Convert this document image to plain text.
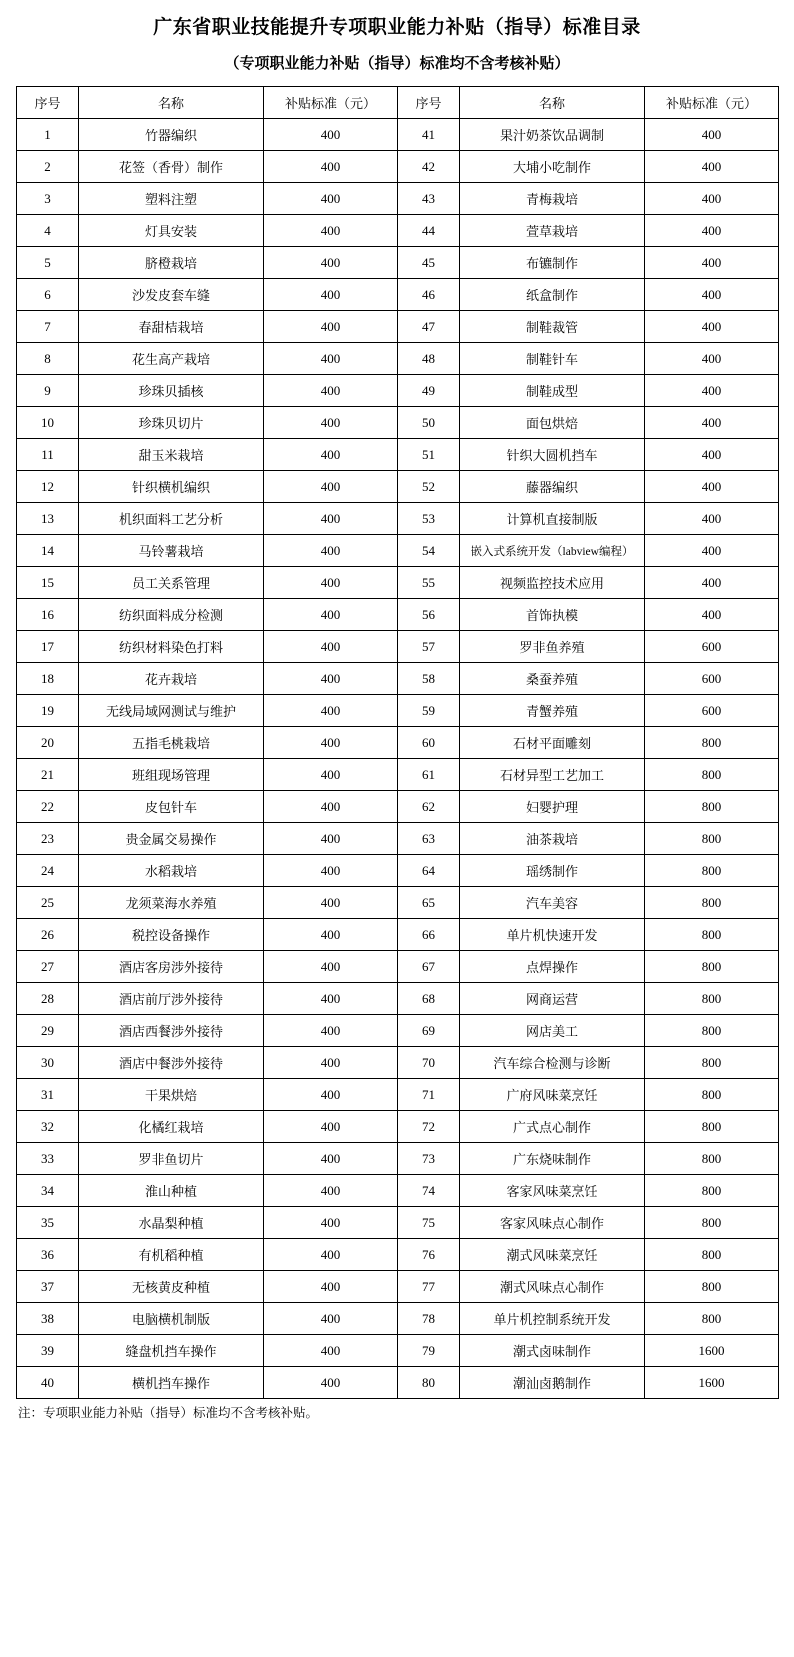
广东省职业技能提升专项职业能力补贴（指导）标准目录
（专项职业能力补贴（指导）标准均不含考核补贴）
序号	名称	补贴标准（元）	序号	名称	补贴标准（元）
1	竹器编织	400	41	果汁奶茶饮品调制	400
2	花签（香骨）制作	400	42	大埔小吃制作	400
3	塑料注塑	400	43	青梅栽培	400
4	灯具安装	400	44	萱草栽培	400
5	脐橙栽培	400	45	布镳制作	400
6	沙发皮套车缝	400	46	纸盒制作	400
7	春甜桔栽培	400	47	制鞋裁管	400
8	花生高产栽培	400	48	制鞋针车	400
9	珍珠贝插核	400	49	制鞋成型	400
10	珍珠贝切片	400	50	面包烘焙	400
11	甜玉米栽培	400	51	针织大圆机挡车	400
12	针织横机编织	400	52	藤器编织	400
13	机织面料工艺分析	400	53	计算机直接制版	400
14	马铃薯栽培	400	54	嵌入式系统开发（labview编程）	400
15	员工关系管理	400	55	视频监控技术应用	400
16	纺织面料成分检测	400	56	首饰执模	400
17	纺织材料染色打料	400	57	罗非鱼养殖	600
18	花卉栽培	400	58	桑蚕养殖	600
19	无线局域网测试与维护	400	59	青蟹养殖	600
20	五指毛桃栽培	400	60	石材平面雕刻	800
21	班组现场管理	400	61	石材异型工艺加工	800
22	皮包针车	400	62	妇婴护理	800
23	贵金属交易操作	400	63	油茶栽培	800
24	水稻栽培	400	64	瑶绣制作	800
25	龙须菜海水养殖	400	65	汽车美容	800
26	税控设备操作	400	66	单片机快速开发	800
27	酒店客房涉外接待	400	67	点焊操作	800
28	酒店前厅涉外接待	400	68	网商运营	800
29	酒店西餐涉外接待	400	69	网店美工	800
30	酒店中餐涉外接待	400	70	汽车综合检测与诊断	800
31	干果烘焙	400	71	广府风味菜烹饪	800
32	化橘红栽培	400	72	广式点心制作	800
33	罗非鱼切片	400	73	广东烧味制作	800
34	淮山种植	400	74	客家风味菜烹饪	800
35	水晶梨种植	400	75	客家风味点心制作	800
36	有机稻种植	400	76	潮式风味菜烹饪	800
37	无核黄皮种植	400	77	潮式风味点心制作	800
38	电脑横机制版	400	78	单片机控制系统开发	800
39	缝盘机挡车操作	400	79	潮式卤味制作	1600
40	横机挡车操作	400	80	潮汕卤鹅制作	1600
注：专项职业能力补贴（指导）标准均不含考核补贴。
